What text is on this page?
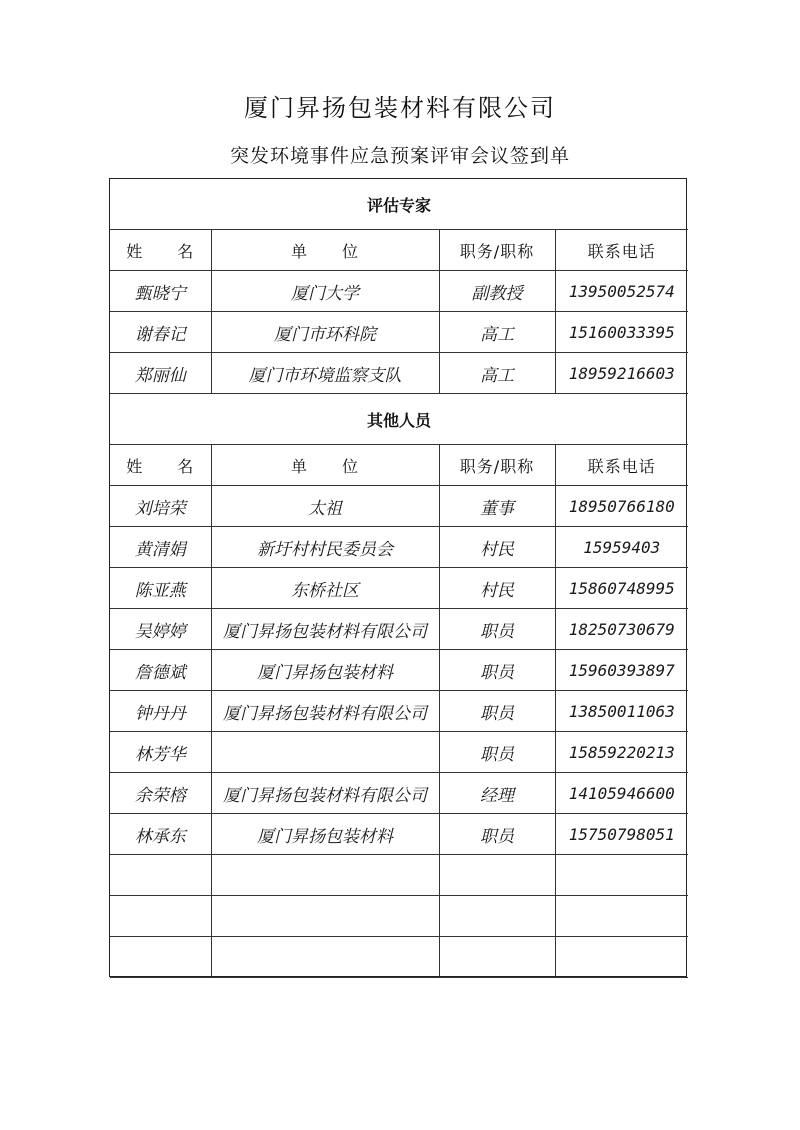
厦门昇扬包装材料有限公司
突发环境事件应急预案评审会议签到单
评估专家			
姓　　名	单　　位	职务/职称	联系电话
甄晓宁	厦门大学	副教授	13950052574
谢春记	厦门市环科院	高工	15160033395
郑丽仙	厦门市环境监察支队	高工	18959216603
其他人员			
姓　　名	单　　位	职务/职称	联系电话
刘培荣	太祖	董事	18950766180
黄清娟	新圩村村民委员会	村民	15959403
陈亚燕	东桥社区	村民	15860748995
吴婷婷	厦门昇扬包装材料有限公司	职员	18250730679
詹德斌	厦门昇扬包装材料	职员	15960393897
钟丹丹	厦门昇扬包装材料有限公司	职员	13850011063
林芳华		职员	15859220213
余荣榕	厦门昇扬包装材料有限公司	经理	14105946600
林承东	厦门昇扬包装材料	职员	15750798051
